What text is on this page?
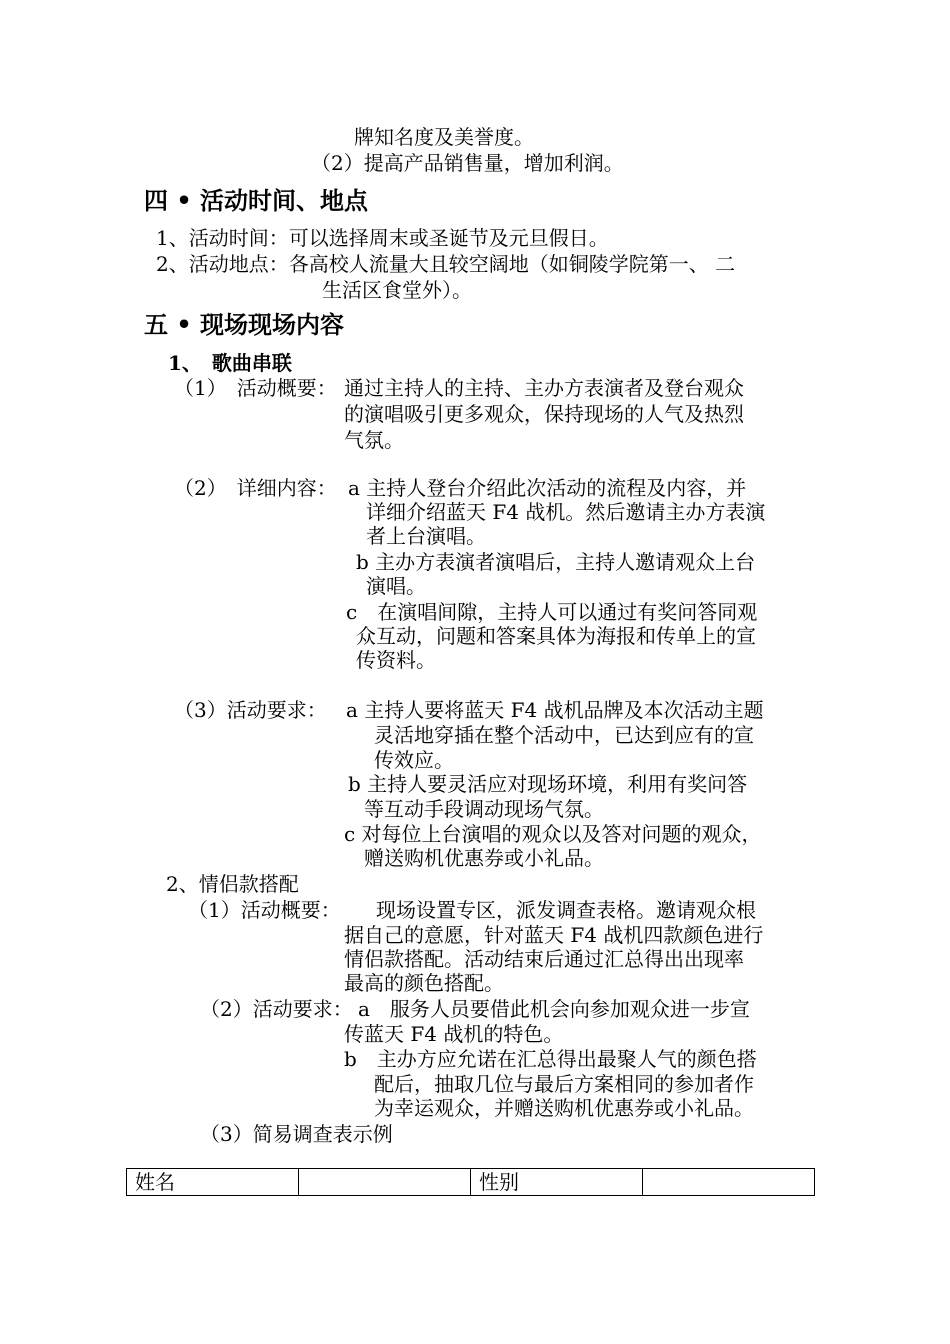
牌知名度及美誉度。
（2）提高产品销售量，增加利润。
四 • 活动时间、地点
1、活动时间：可以选择周末或圣诞节及元旦假日。
2、活动地点：各高校人流量大且较空阔地（如铜陵学院第一、 二
生活区食堂外）。
五 • 现场现场内容
1、　歌曲串联
（1）　活动概要： 通过主持人的主持、主办方表演者及登台观众
的演唱吸引更多观众，保持现场的人气及热烈
气氛。
（2）　详细内容： a 主持人登台介绍此次活动的流程及内容，并
详细介绍蓝天 F4 战机。然后邀请主办方表演
者上台演唱。
b 主办方表演者演唱后，主持人邀请观众上台
演唱。
c　在演唱间隙，主持人可以通过有奖问答同观
众互动，问题和答案具体为海报和传单上的宣
传资料。
（3）活动要求： a 主持人要将蓝天 F4 战机品牌及本次活动主题
灵活地穿插在整个活动中，已达到应有的宣
传效应。
b 主持人要灵活应对现场环境，利用有奖问答
等互动手段调动现场气氛。
c 对每位上台演唱的观众以及答对问题的观众，
赠送购机优惠券或小礼品。
2、情侣款搭配
（1）活动概要： 现场设置专区，派发调查表格。邀请观众根
据自己的意愿，针对蓝天 F4 战机四款颜色进行
情侣款搭配。活动结束后通过汇总得出出现率
最高的颜色搭配。
（2）活动要求： a　服务人员要借此机会向参加观众进一步宣
传蓝天 F4 战机的特色。
b　主办方应允诺在汇总得出最聚人气的颜色搭
配后，抽取几位与最后方案相同的参加者作
为幸运观众，并赠送购机优惠券或小礼品。
（3）简易调查表示例
姓名		性别	
